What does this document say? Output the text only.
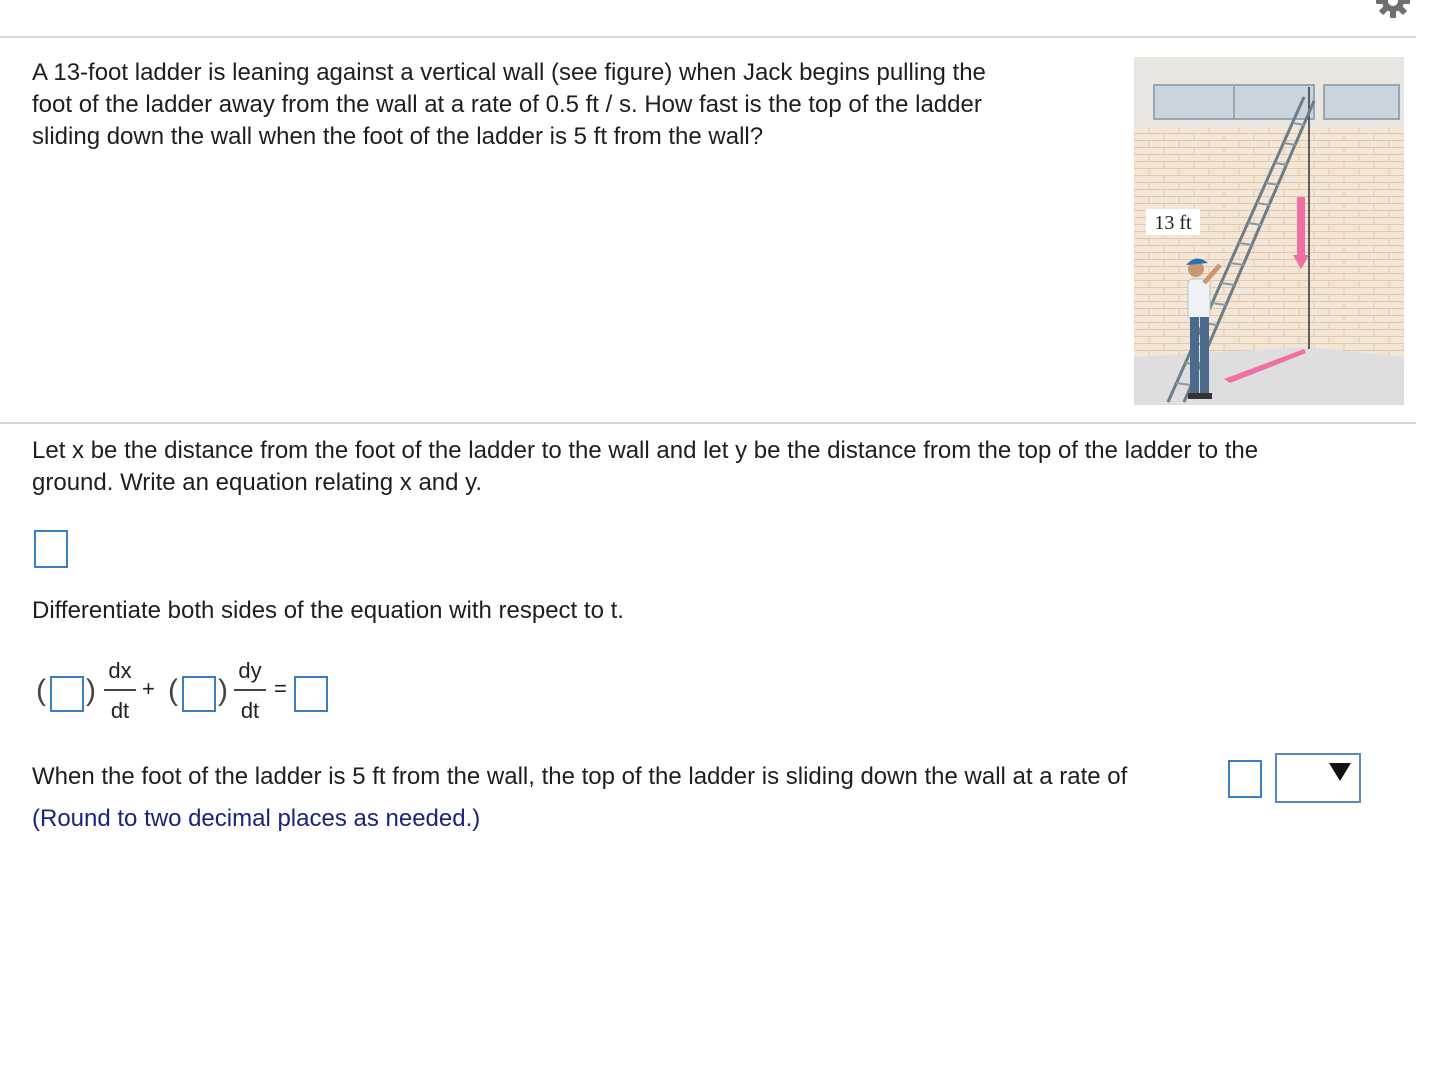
A 13-foot ladder is leaning against a vertical wall (see figure) when Jack begins pulling the
foot of the ladder away from the wall at a rate of 0.5 ft / s. How fast is the top of the ladder
sliding down the wall when the foot of the ladder is 5 ft from the wall?
13 ft
Let x be the distance from the foot of the ladder to the wall and let y be the distance from the top of the ladder to the
ground. Write an equation relating x and y.
Differentiate both sides of the equation with respect to t.
( )
dx
dt
+ ( )
dy
dt
=
When the foot of the ladder is 5 ft from the wall, the top of the ladder is sliding down the wall at a rate of
(Round to two decimal places as needed.)
